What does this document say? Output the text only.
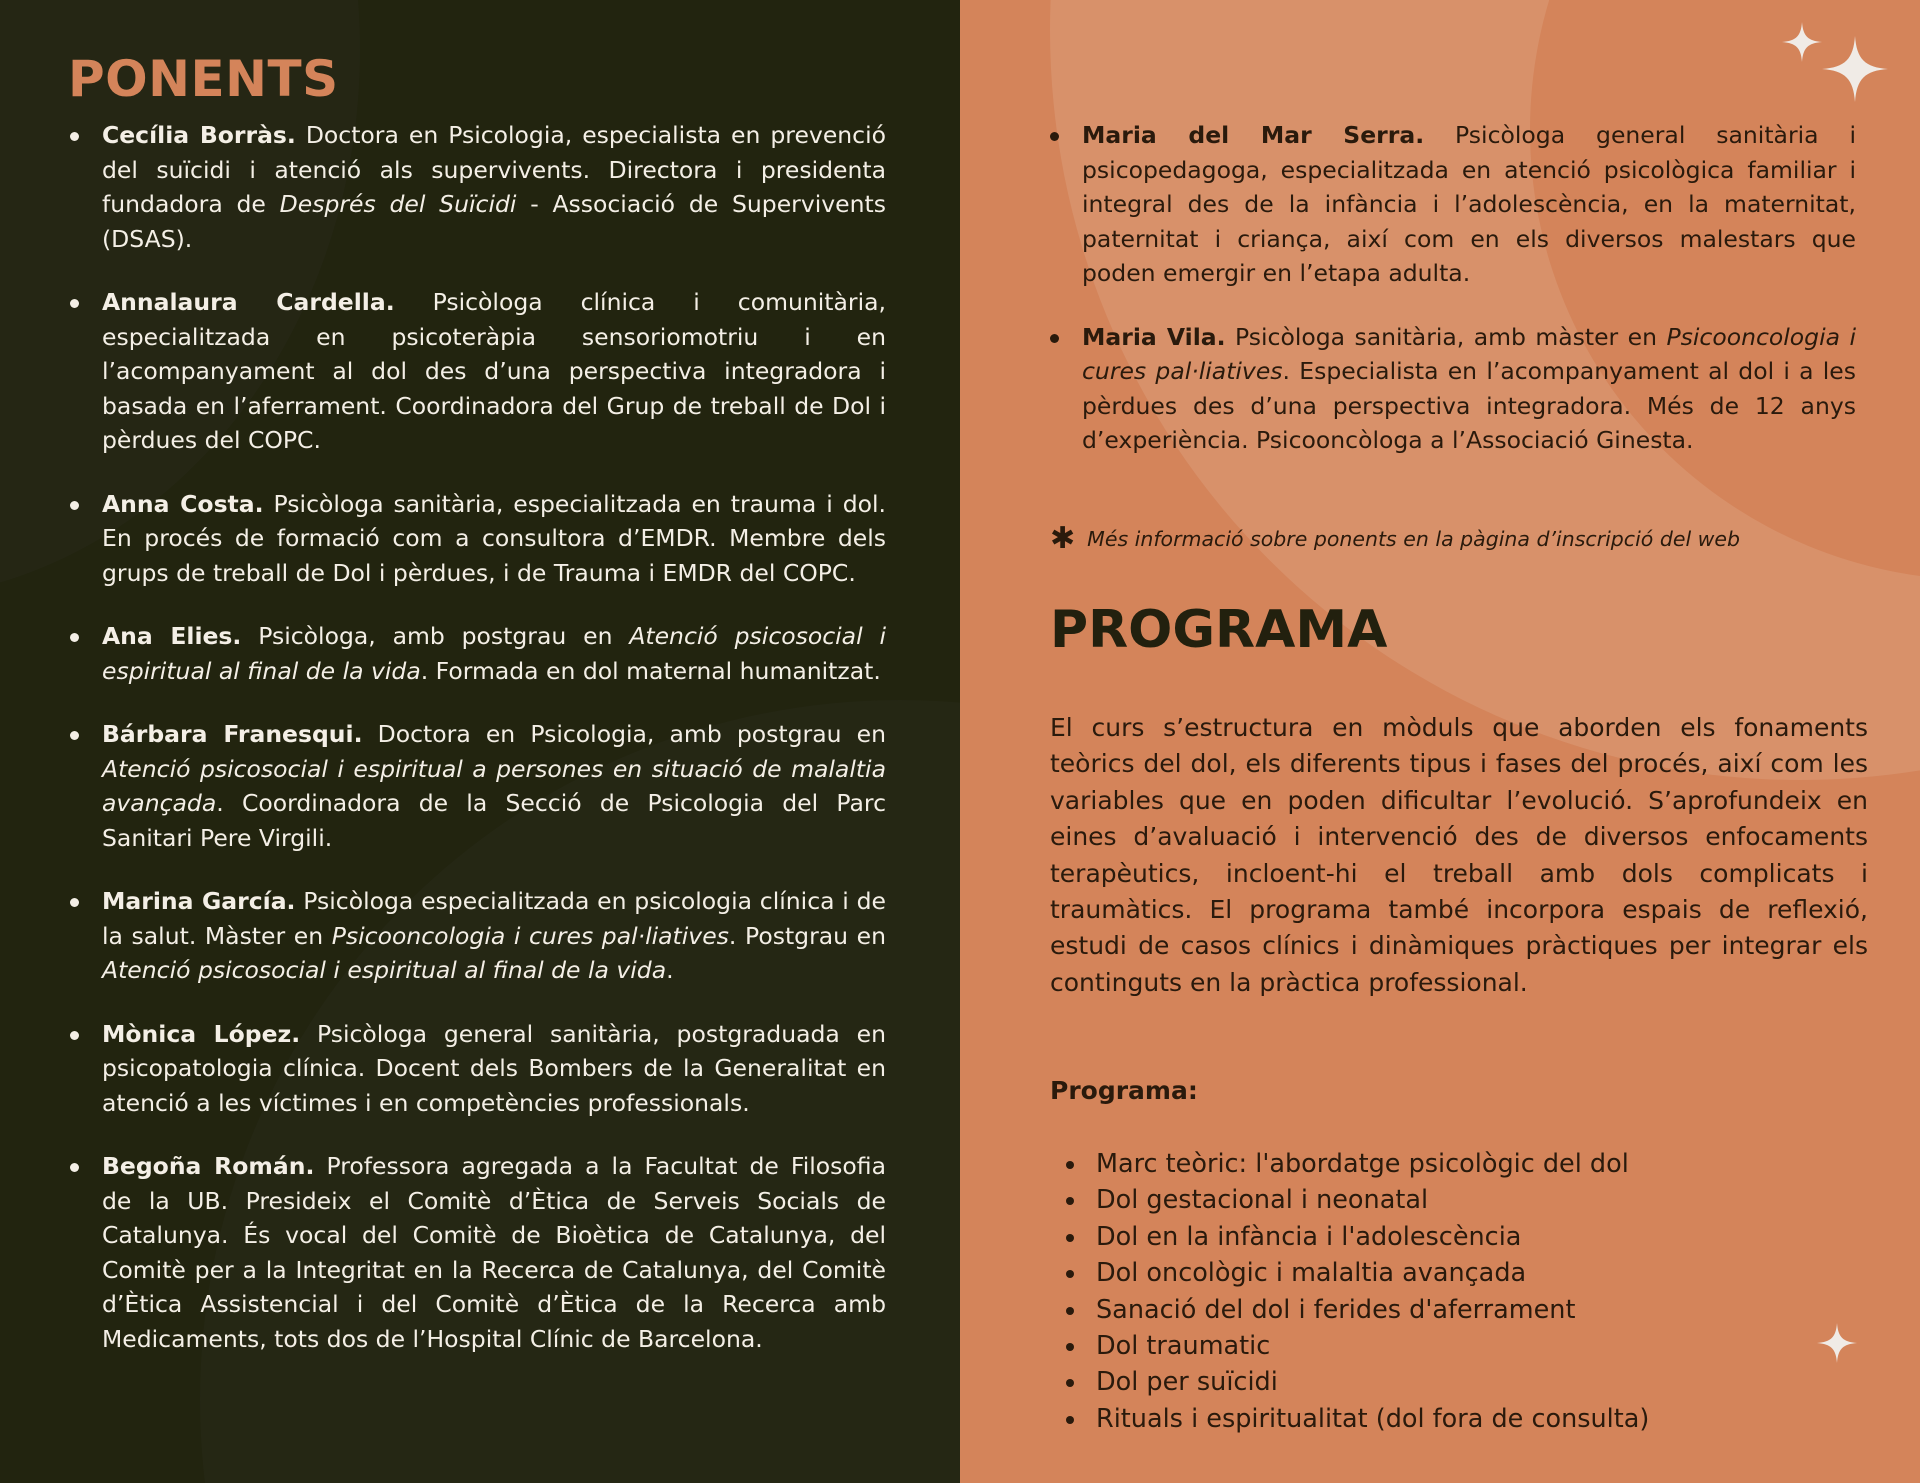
PONENTS
Cecília Borràs. Doctora en Psicologia, especialista en prevenció del suïcidi i atenció als supervivents. Directora i presidenta fundadora de Després del Suïcidi - Associació de Supervivents (DSAS).
Annalaura Cardella. Psicòloga clínica i comunitària, especialitzada en psicoteràpia sensoriomotriu i en l’acompanyament al dol des d’una perspectiva integradora i basada en l’aferrament. Coordinadora del Grup de treball de Dol i pèrdues del COPC.
Anna Costa. Psicòloga sanitària, especialitzada en trauma i dol. En procés de formació com a consultora d’EMDR. Membre dels grups de treball de Dol i pèrdues, i de Trauma i EMDR del COPC.
Ana Elies. Psicòloga, amb postgrau en Atenció psicosocial i espiritual al final de la vida. Formada en dol maternal humanitzat.
Bárbara Franesqui. Doctora en Psicologia, amb postgrau en Atenció psicosocial i espiritual a persones en situació de malaltia avançada. Coordinadora de la Secció de Psicologia del Parc Sanitari Pere Virgili.
Marina García. Psicòloga especialitzada en psicologia clínica i de la salut. Màster en Psicooncologia i cures pal·liatives. Postgrau en Atenció psicosocial i espiritual al final de la vida.
Mònica López. Psicòloga general sanitària, postgraduada en psicopatologia clínica. Docent dels Bombers de la Generalitat en atenció a les víctimes i en competències professionals.
Begoña Román. Professora agregada a la Facultat de Filosofia de la UB. Presideix el Comitè d’Ètica de Serveis Socials de Catalunya. És vocal del Comitè de Bioètica de Catalunya, del Comitè per a la Integritat en la Recerca de Catalunya, del Comitè d’Ètica Assistencial i del Comitè d’Ètica de la Recerca amb Medicaments, tots dos de l’Hospital Clínic de Barcelona.
Maria del Mar Serra. Psicòloga general sanitària i psicopedagoga, especialitzada en atenció psicològica familiar i integral des de la infància i l’adolescència, en la maternitat, paternitat i criança, així com en els diversos malestars que poden emergir en l’etapa adulta.
Maria Vila. Psicòloga sanitària, amb màster en Psicooncologia i cures pal·liatives. Especialista en l’acompanyament al dol i a les pèrdues des d’una perspectiva integradora. Més de 12 anys d’experiència. Psicooncòloga a l’Associació Ginesta.
✱ Més informació sobre ponents en la pàgina d’inscripció del web
PROGRAMA

El curs s’estructura en mòduls que aborden els fonaments teòrics del dol, els diferents tipus i fases del procés, així com les variables que en poden dificultar l’evolució. S’aprofundeix en eines d’avaluació i intervenció des de diversos enfocaments terapèutics, incloent-hi el treball amb dols complicats i traumàtics. El programa també incorpora espais de reflexió, estudi de casos clínics i dinàmiques pràctiques per integrar els continguts en la pràctica professional.

Programa:
Marc teòric: l'abordatge psicològic del dol
Dol gestacional i neonatal
Dol en la infància i l'adolescència
Dol oncològic i malaltia avançada
Sanació del dol i ferides d'aferrament
Dol traumatic
Dol per suïcidi
Rituals i espiritualitat (dol fora de consulta)
